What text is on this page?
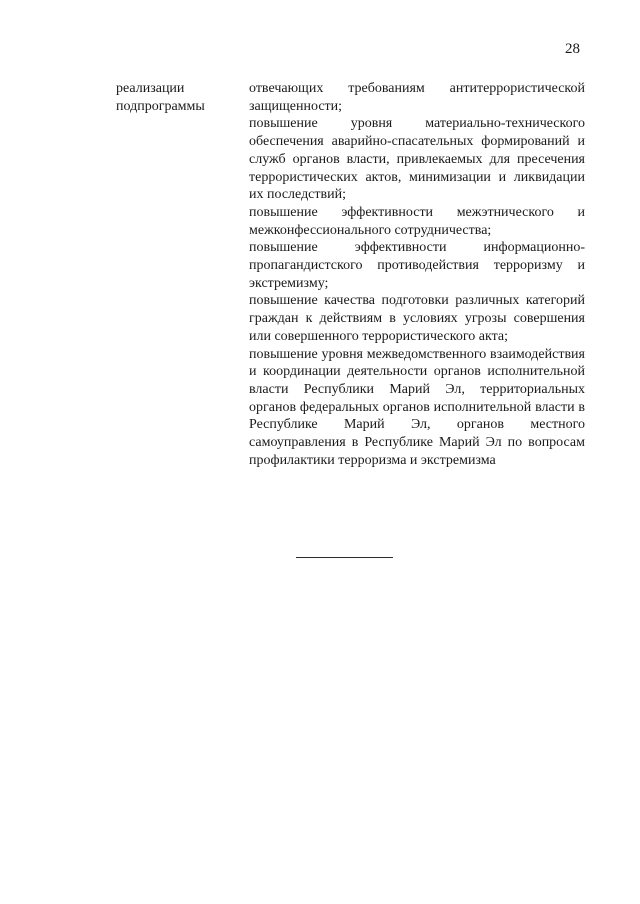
28
реализации
подпрограммы

отвечающих требованиям антитеррористической защищенности;

повышение уровня материально-технического обеспечения аварийно-спасательных формирований и служб органов власти, привлекаемых для пресечения террористических актов, минимизации и ликвидации их последствий;

повышение эффективности межэтнического и межконфессионального сотрудничества;

повышение эффективности информационно-пропагандистского противодействия терроризму и экстремизму;

повышение качества подготовки различных категорий граждан к действиям в условиях угрозы совершения или совершенного террористического акта;

повышение уровня межведомственного взаимодействия и координации деятельности органов исполнительной власти Республики Марий Эл, территориальных органов федеральных органов исполнительной власти в Республике Марий Эл, органов местного самоуправления в Республике Марий Эл по вопросам профилактики терроризма и экстремизма
